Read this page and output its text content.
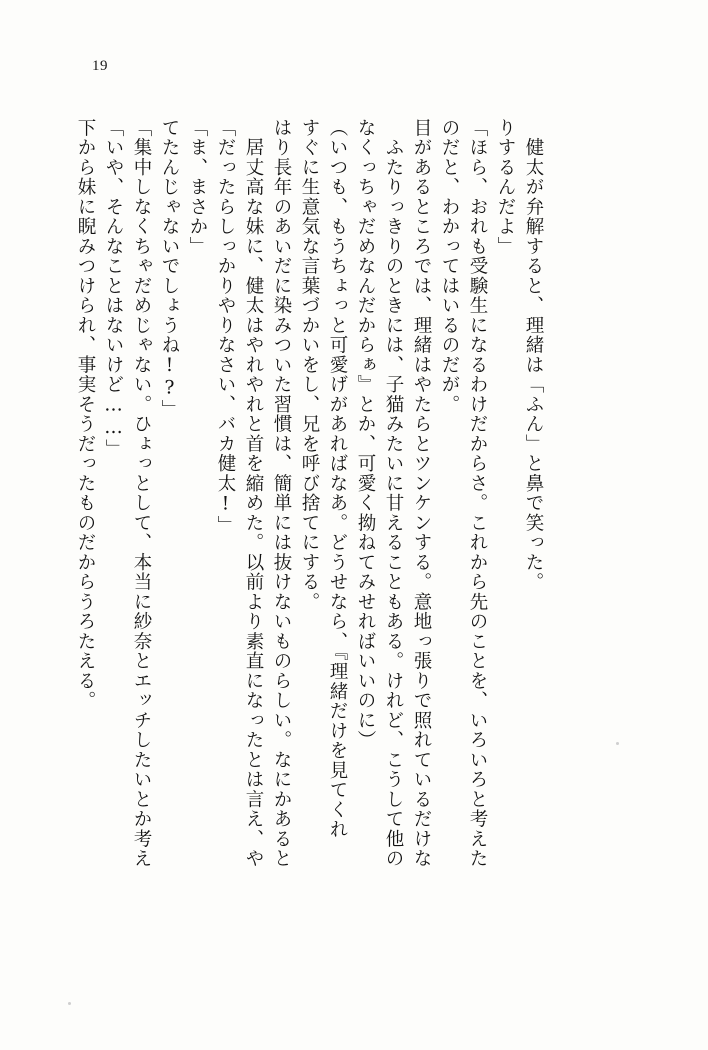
19
下から妹に睨みつけられ、事実そうだったものだからうろたえる。 「いや、そんなことはないけど……」 「集中しなくちゃだめじゃない。ひょっとして、本当に紗奈とエッチしたいとか考え てたんじゃないでしょうね!?」 「ま、まさか」 「だったらしっかりやりなさい、バカ健太!」 　居丈高な妹に、健太はやれやれと首を縮めた。以前より素直になったとは言え、や はり長年のあいだに染みついた習慣は、簡単には抜けないものらしい。なにかあると すぐに生意気な言葉づかいをし、兄を呼び捨てにする。 （いつも、もうちょっと可愛げがあればなあ。どうせなら、『理緒だけを見てくれ なくっちゃだめなんだからぁ』とか、可愛く拗ねてみせればいいのに） 　ふたりっきりのときには、子猫みたいに甘えることもある。けれど、こうして他の 目があるところでは、理緒はやたらとツンケンする。意地っ張りで照れているだけな のだと、わかってはいるのだが。 「ほら、おれも受験生になるわけだからさ。これから先のことを、いろいろと考えた りするんだよ」 　健太が弁解すると、理緒は「ふん」と鼻で笑った。
